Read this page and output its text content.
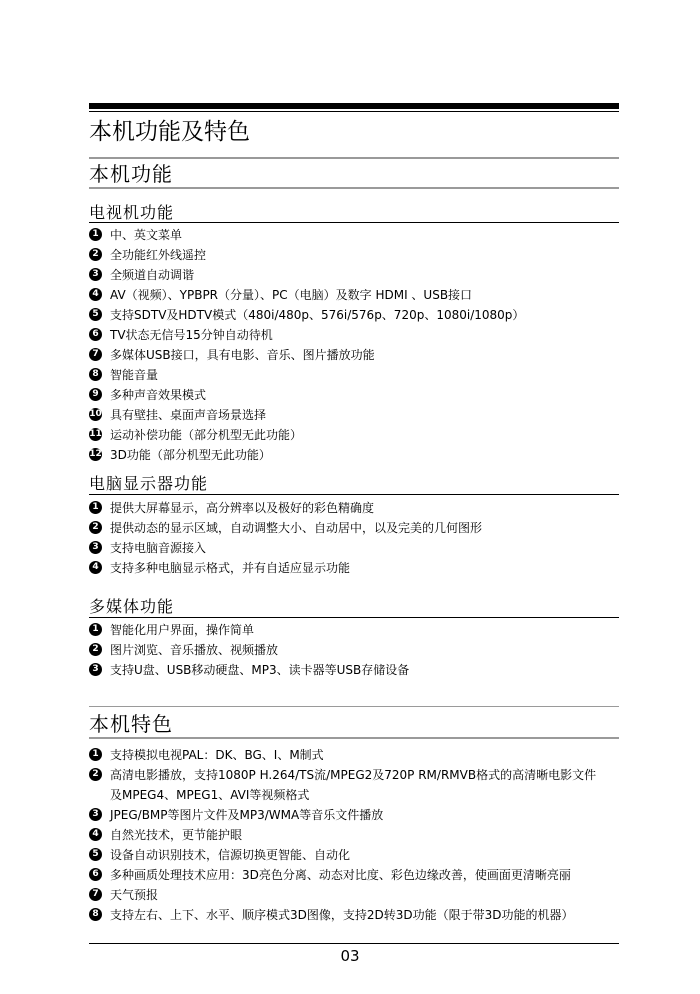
本机功能及特色
本机功能
电视机功能
1 中、英文菜单
2 全功能红外线遥控
3 全频道自动调谐
4 AV（视频）、YPBPR（分量）、PC（电脑）及数字 HDMI 、USB接口
5 支持SDTV及HDTV模式（480i/480p、576i/576p、720p、1080i/1080p）
6 TV状态无信号15分钟自动待机
7 多媒体USB接口，具有电影、音乐、图片播放功能
8 智能音量
9 多种声音效果模式
10 具有壁挂、桌面声音场景选择
11 运动补偿功能（部分机型无此功能）
12 3D功能（部分机型无此功能）
电脑显示器功能
1 提供大屏幕显示，高分辨率以及极好的彩色精确度
2 提供动态的显示区域，自动调整大小、自动居中，以及完美的几何图形
3 支持电脑音源接入
4 支持多种电脑显示格式，并有自适应显示功能
多媒体功能
1 智能化用户界面，操作简单
2 图片浏览、音乐播放、视频播放
3 支持U盘、USB移动硬盘、MP3、读卡器等USB存储设备
本机特色
1 支持模拟电视PAL：DK、BG、I、M制式
2 高清电影播放，支持1080P H.264/TS流/MPEG2及720P RM/RMVB格式的高清晰电影文件
及MPEG4、MPEG1、AVI等视频格式
3 JPEG/BMP等图片文件及MP3/WMA等音乐文件播放
4 自然光技术，更节能护眼
5 设备自动识别技术，信源切换更智能、自动化
6 多种画质处理技术应用：3D亮色分离、动态对比度、彩色边缘改善，使画面更清晰亮丽
7 天气预报
8 支持左右、上下、水平、顺序模式3D图像，支持2D转3D功能（限于带3D功能的机器）
03
